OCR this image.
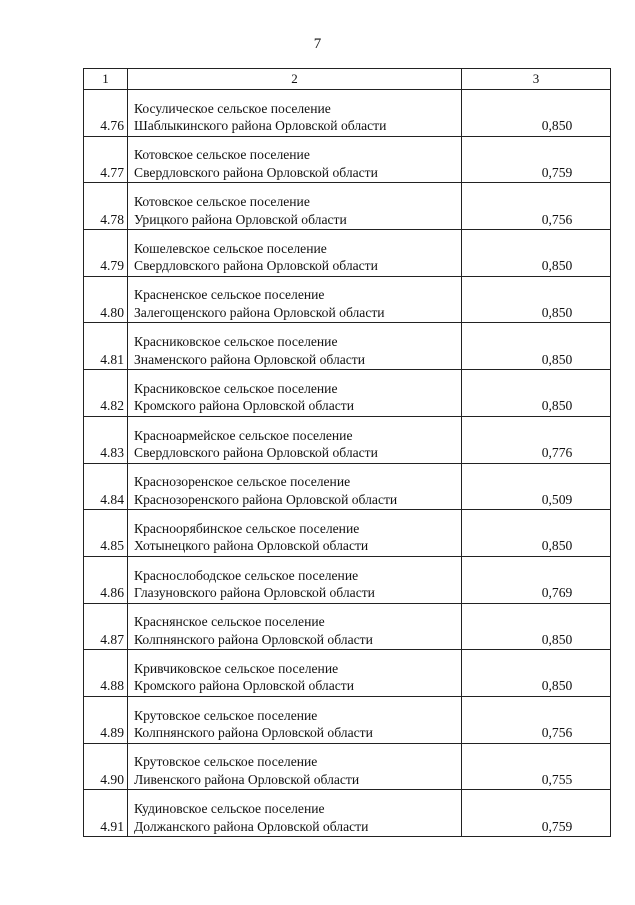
7
1	2	3
4.76	Косулическое сельское поселение
Шаблыкинского района Орловской области	0,850
4.77	Котовское сельское поселение
Свердловского района Орловской области	0,759
4.78	Котовское сельское поселение
Урицкого района Орловской области	0,756
4.79	Кошелевское сельское поселение
Свердловского района Орловской области	0,850
4.80	Красненское сельское поселение
Залегощенского района Орловской области	0,850
4.81	Красниковское сельское поселение
Знаменского района Орловской области	0,850
4.82	Красниковское сельское поселение
Кромского района Орловской области	0,850
4.83	Красноармейское сельское поселение
Свердловского района Орловской области	0,776
4.84	Краснозоренское сельское поселение
Краснозоренского района Орловской области	0,509
4.85	Красноорябинское сельское поселение
Хотынецкого района Орловской области	0,850
4.86	Краснослободское сельское поселение
Глазуновского района Орловской области	0,769
4.87	Краснянское сельское поселение
Колпнянского района Орловской области	0,850
4.88	Кривчиковское сельское поселение
Кромского района Орловской области	0,850
4.89	Крутовское сельское поселение
Колпнянского района Орловской области	0,756
4.90	Крутовское сельское поселение
Ливенского района Орловской области	0,755
4.91	Кудиновское сельское поселение
Должанского района Орловской области	0,759
